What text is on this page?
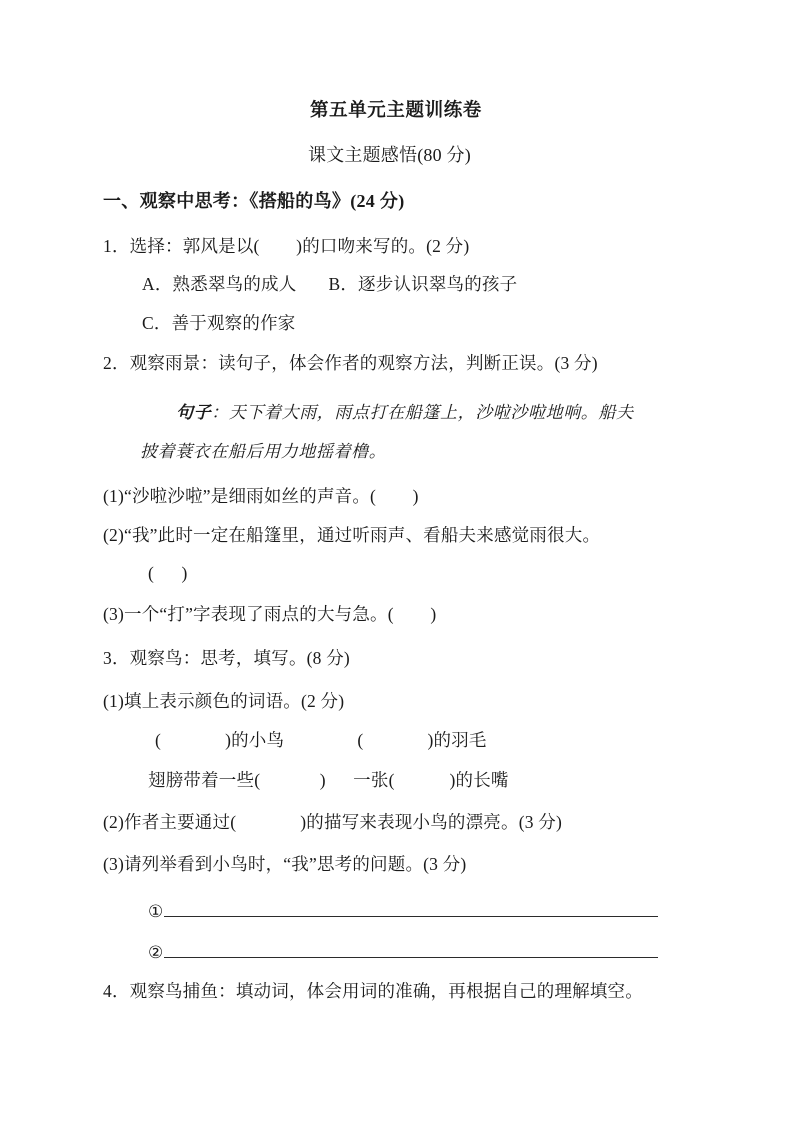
第五单元主题训练卷
课文主题感悟(80 分)
一、观察中思考：《搭船的鸟》(24 分)
1．选择：郭风是以(        )的口吻来写的。(2 分)
A．熟悉翠鸟的成人       B．逐步认识翠鸟的孩子
C．善于观察的作家
2．观察雨景：读句子，体会作者的观察方法，判断正误。(3 分)
句子：天下着大雨，雨点打在船篷上，沙啦沙啦地响。船夫
披着蓑衣在船后用力地摇着橹。
(1)“沙啦沙啦”是细雨如丝的声音。(        )
(2)“我”此时一定在船篷里，通过听雨声、看船夫来感觉雨很大。
(      )
(3)一个“打”字表现了雨点的大与急。(        )
3．观察鸟：思考，填写。(8 分)
(1)填上表示颜色的词语。(2 分)
(              )的小鸟                (              )的羽毛
翅膀带着一些(             )      一张(            )的长嘴
(2)作者主要通过(              )的描写来表现小鸟的漂亮。(3 分)
(3)请列举看到小鸟时，“我”思考的问题。(3 分)
①
②
4．观察鸟捕鱼：填动词，体会用词的准确，再根据自己的理解填空。
